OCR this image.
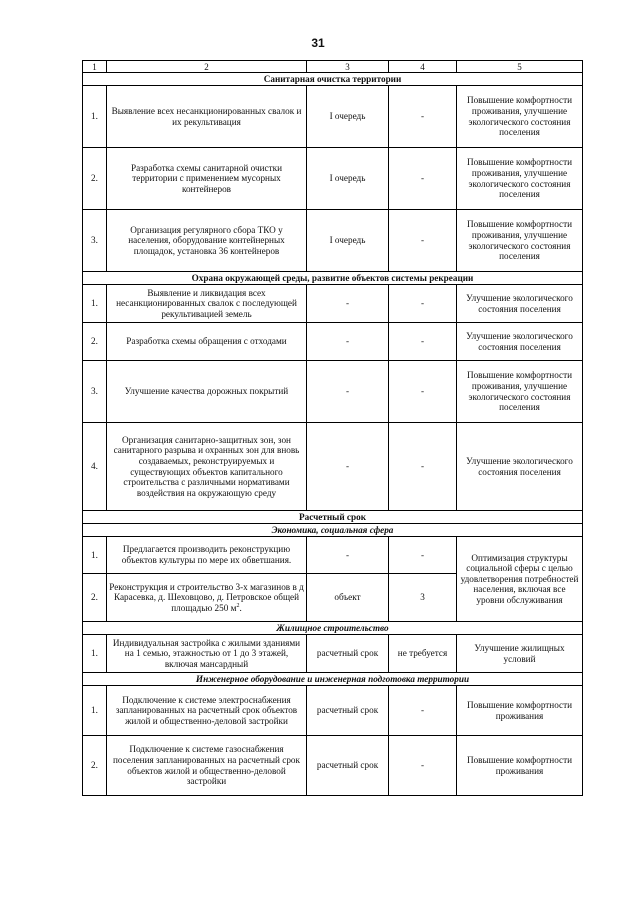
31
1	2	3	4	5
Санитарная очистка территории				
1.	Выявление всех несанкционированных свалок и их рекультивация	I очередь	-	Повышение комфортности проживания, улучшение экологического состояния поселения
2.	Разработка схемы санитарной очистки территории с применением мусорных контейнеров	I очередь	-	Повышение комфортности проживания, улучшение экологического состояния поселения
3.	Организация регулярного сбора ТКО у населения, оборудование контейнерных площадок, установка 36 контейнеров	I очередь	-	Повышение комфортности проживания, улучшение экологического состояния поселения
Охрана окружающей среды, развитие объектов системы рекреации				
1.	Выявление и ликвидация всех несанкционированных свалок с последующей рекультивацией земель	-	-	Улучшение экологического состояния поселения
2.	Разработка схемы обращения с отходами	-	-	Улучшение экологического состояния поселения
3.	Улучшение качества дорожных покрытий	-	-	Повышение комфортности проживания, улучшение экологического состояния поселения
4.	Организация санитарно-защитных зон, зон санитарного разрыва и охранных зон для вновь создаваемых, реконструируемых и существующих объектов капитального строительства с различными нормативами воздействия на окружающую среду	-	-	Улучшение экологического состояния поселения
Расчетный срок				
Экономика, социальная сфера				
1.	Предлагается производить реконструкцию объектов культуры по мере их обветшания.	-	-	Оптимизация структуры социальной сферы с целью удовлетворения потребностей населения, включая все уровни обслуживания
2.	Реконструкция и строительство 3-х магазинов в д Карасевка, д. Шеховцово, д. Петровское общей площадью 250 $м^2$.	объект	3	
Жилищное строительство				
1.	Индивидуальная застройка с жилыми зданиями на 1 семью, этажностью от 1 до 3 этажей, включая мансардный	расчетный срок	не требуется	Улучшение жилищных условий
Инженерное оборудование и инженерная подготовка территории				
1.	Подключение к системе электроснабжения запланированных на расчетный срок объектов жилой и общественно-деловой застройки	расчетный срок	-	Повышение комфортности проживания
2.	Подключение к системе газоснабжения поселения запланированных на расчетный срок объектов жилой и общественно-деловой застройки	расчетный срок	-	Повышение комфортности проживания
